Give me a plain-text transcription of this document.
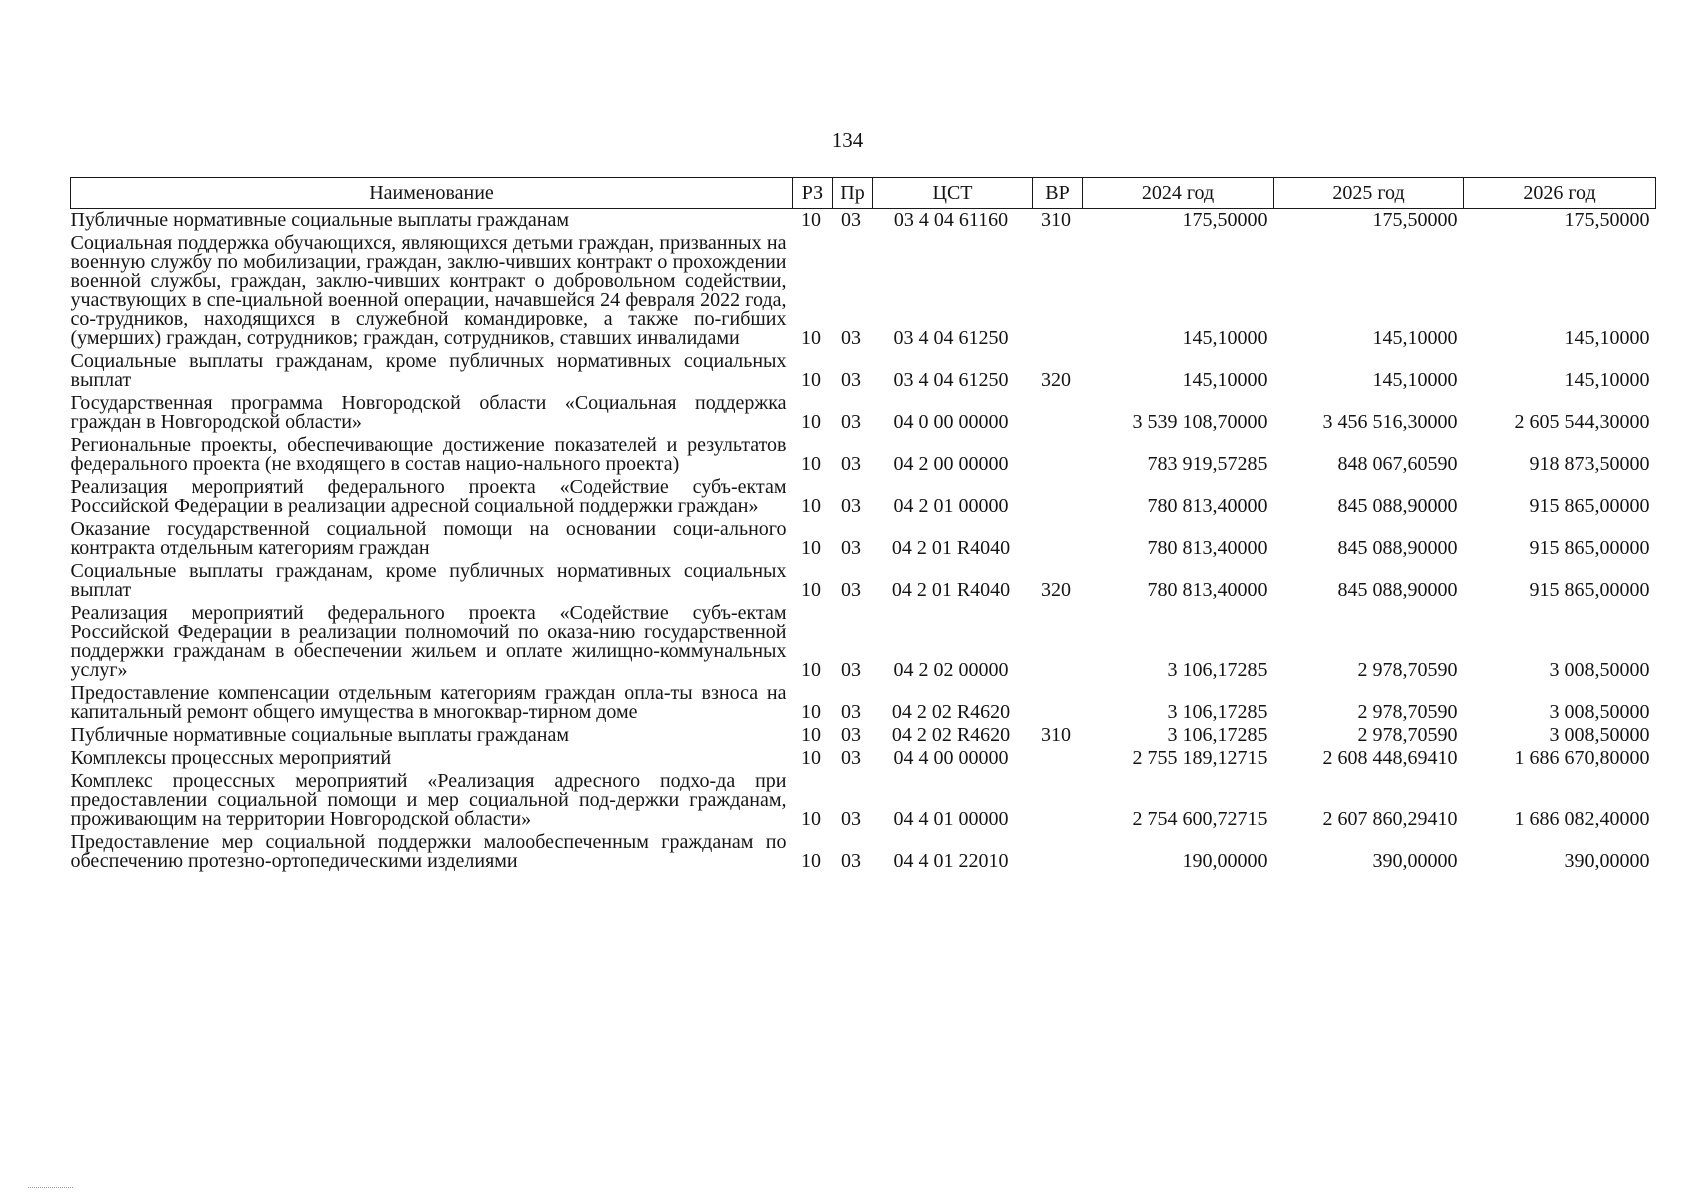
134
Наименование	РЗ	Пр	ЦСТ	ВР	2024 год	2025 год	2026 год
Публичные нормативные социальные выплаты гражданам	10	03	03 4 04 61160	310	175,50000	175,50000	175,50000
Социальная поддержка обучающихся, являющихся детьми граждан, призванных на военную службу по мобилизации, граждан, заклю-чивших контракт о прохождении военной службы, граждан, заклю-чивших контракт о добровольном содействии, участвующих в спе-циальной военной операции, начавшейся 24 февраля 2022 года, со-трудников, находящихся в служебной командировке, а также по-гибших (умерших) граждан, сотрудников; граждан, сотрудников, ставших инвалидами	10	03	03 4 04 61250		145,10000	145,10000	145,10000
Социальные выплаты гражданам, кроме публичных нормативных социальных выплат	10	03	03 4 04 61250	320	145,10000	145,10000	145,10000
Государственная программа Новгородской области «Социальная поддержка граждан в Новгородской области»	10	03	04 0 00 00000		3 539 108,70000	3 456 516,30000	2 605 544,30000
Региональные проекты, обеспечивающие достижение показателей и результатов федерального проекта (не входящего в состав нацио-нального проекта)	10	03	04 2 00 00000		783 919,57285	848 067,60590	918 873,50000
Реализация мероприятий федерального проекта «Содействие субъ-ектам Российской Федерации в реализации адресной социальной поддержки граждан»	10	03	04 2 01 00000		780 813,40000	845 088,90000	915 865,00000
Оказание государственной социальной помощи на основании соци-ального контракта отдельным категориям граждан	10	03	04 2 01 R4040		780 813,40000	845 088,90000	915 865,00000
Социальные выплаты гражданам, кроме публичных нормативных социальных выплат	10	03	04 2 01 R4040	320	780 813,40000	845 088,90000	915 865,00000
Реализация мероприятий федерального проекта «Содействие субъ-ектам Российской Федерации в реализации полномочий по оказа-нию государственной поддержки гражданам в обеспечении жильем и оплате жилищно-коммунальных услуг»	10	03	04 2 02 00000		3 106,17285	2 978,70590	3 008,50000
Предоставление компенсации отдельным категориям граждан опла-ты взноса на капитальный ремонт общего имущества в многоквар-тирном доме	10	03	04 2 02 R4620		3 106,17285	2 978,70590	3 008,50000
Публичные нормативные социальные выплаты гражданам	10	03	04 2 02 R4620	310	3 106,17285	2 978,70590	3 008,50000
Комплексы процессных мероприятий	10	03	04 4 00 00000		2 755 189,12715	2 608 448,69410	1 686 670,80000
Комплекс процессных мероприятий «Реализация адресного подхо-да при предоставлении социальной помощи и мер социальной под-держки гражданам, проживающим на территории Новгородской области»	10	03	04 4 01 00000		2 754 600,72715	2 607 860,29410	1 686 082,40000
Предоставление мер социальной поддержки малообеспеченным гражданам по обеспечению протезно-ортопедическими изделиями	10	03	04 4 01 22010		190,00000	390,00000	390,00000
